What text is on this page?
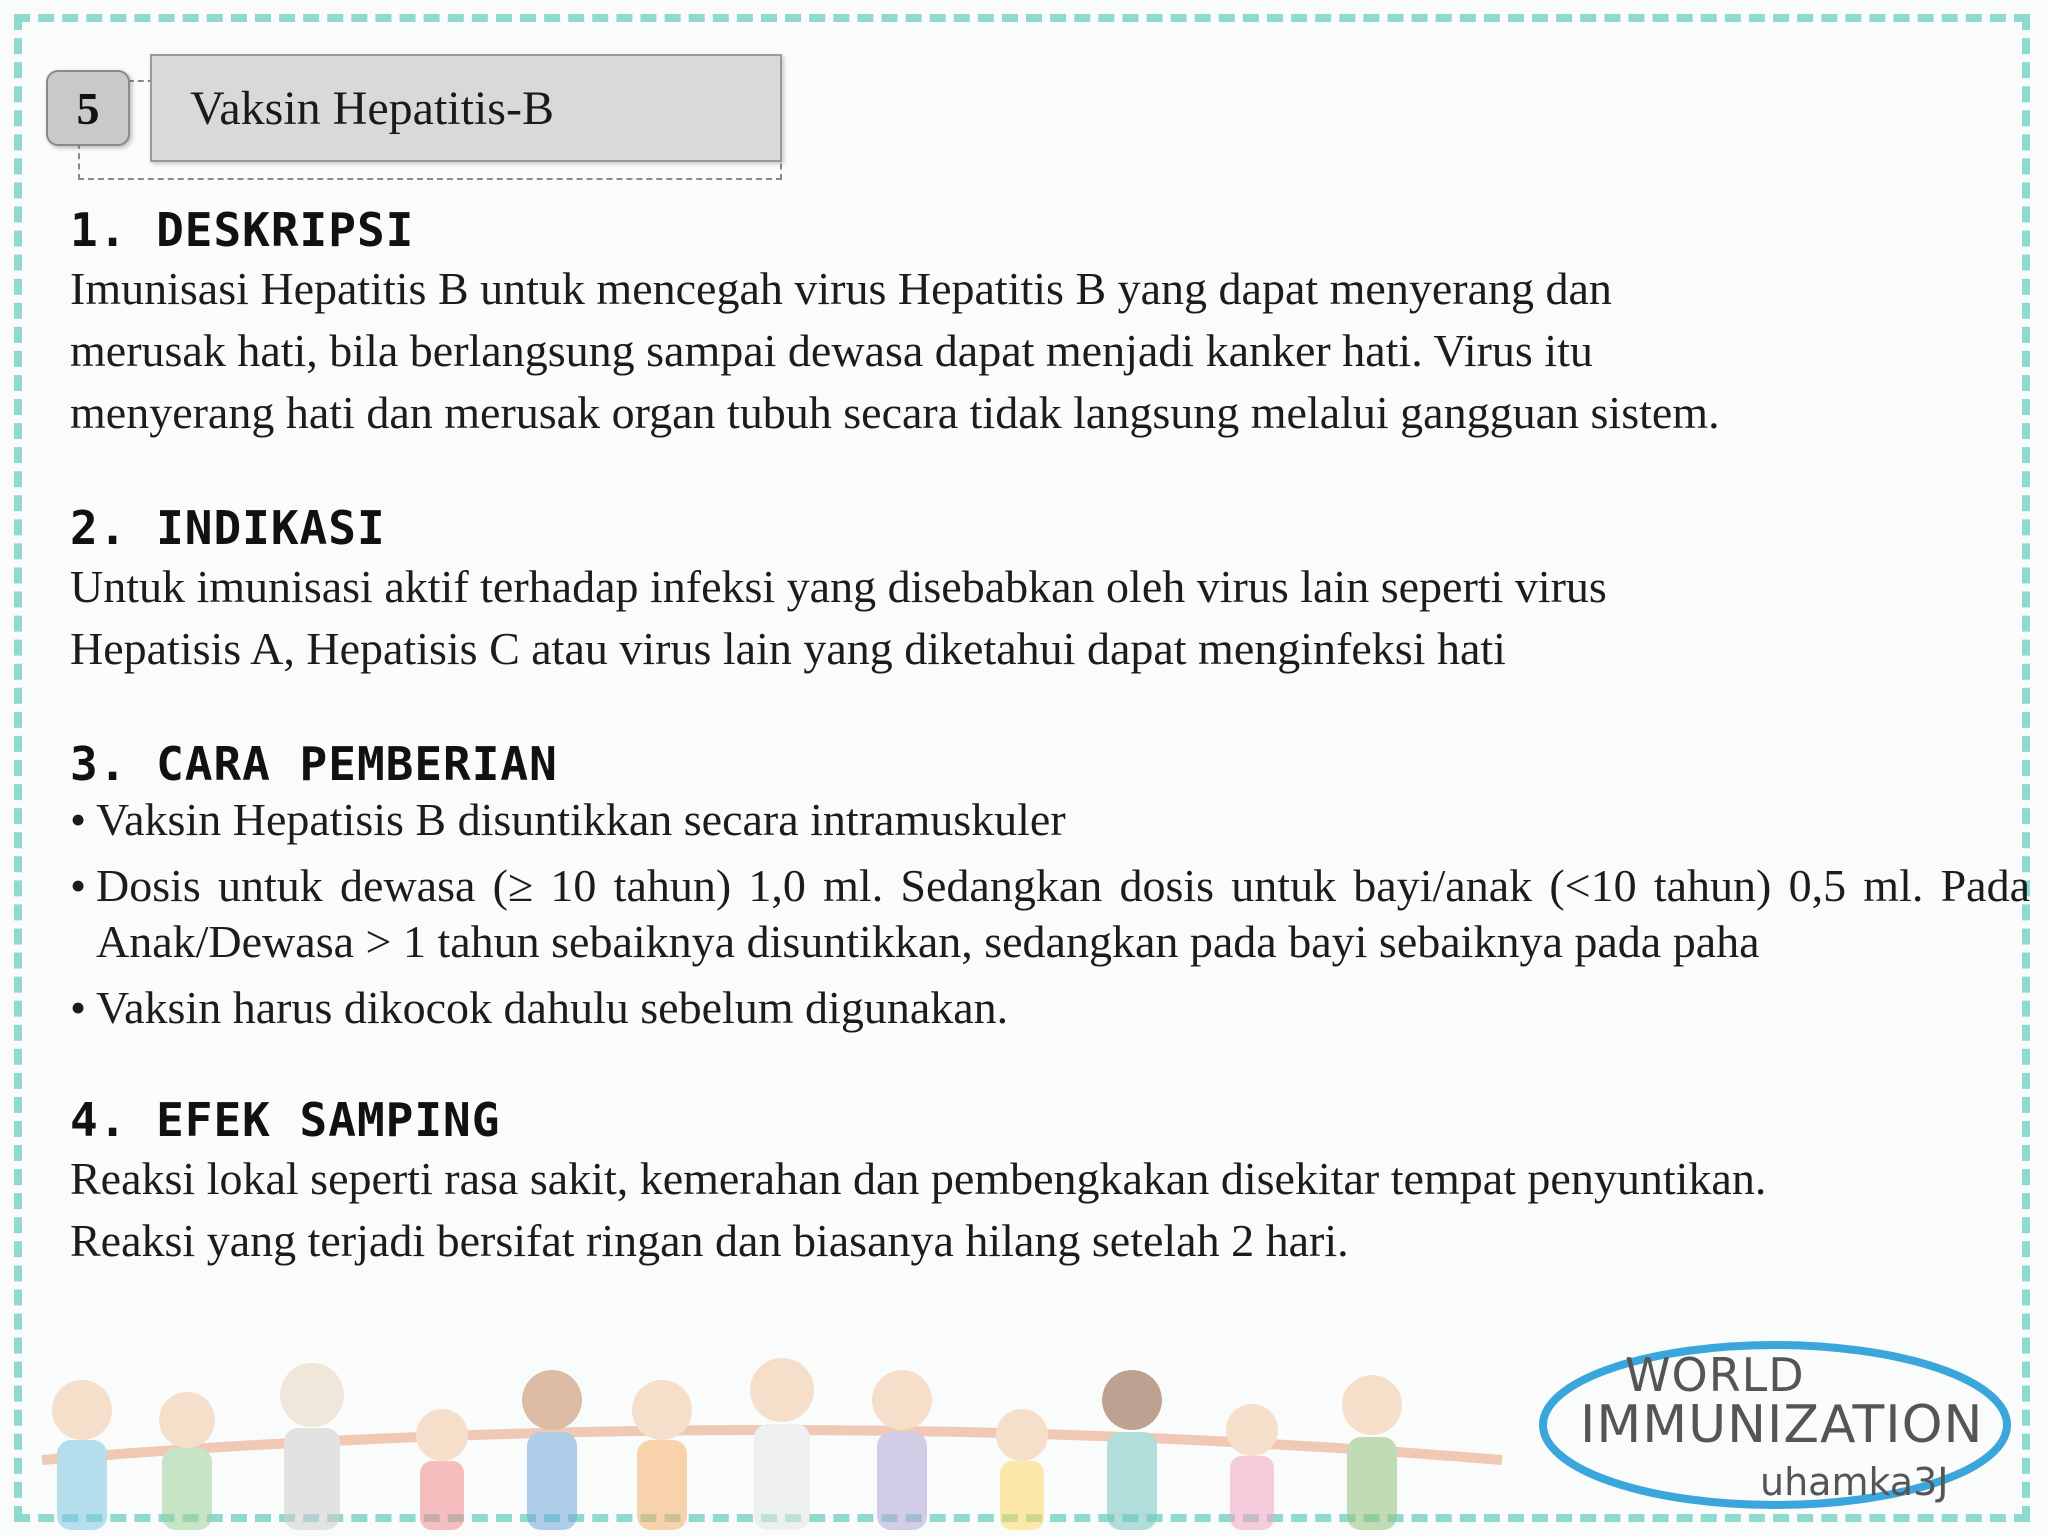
5	Vaksin Hepatitis-B
1. DESKRIPSI

Imunisasi Hepatitis B untuk mencegah virus Hepatitis B yang dapat menyerang dan

merusak hati, bila berlangsung sampai dewasa dapat menjadi kanker hati. Virus itu

menyerang hati dan merusak organ tubuh secara tidak langsung melalui gangguan sistem.

2. INDIKASI

Untuk imunisasi aktif terhadap infeksi yang disebabkan oleh virus lain seperti virus

Hepatisis A, Hepatisis C atau virus lain yang diketahui dapat menginfeksi hati

3. CARA PEMBERIAN
• Vaksin Hepatisis B disuntikkan secara intramuskuler
• Dosis untuk dewasa (≥ 10 tahun) 1,0 ml. Sedangkan dosis untuk bayi/anak (<10 tahun) 0,5 ml. Pada Anak/Dewasa > 1 tahun sebaiknya disuntikkan, sedangkan pada bayi sebaiknya pada paha
• Vaksin harus dikocok dahulu sebelum digunakan.
4. EFEK SAMPING

Reaksi lokal seperti rasa sakit, kemerahan dan pembengkakan disekitar tempat penyuntikan.

Reaksi yang terjadi bersifat ringan dan biasanya hilang setelah 2 hari.

WORLD
IMMUNIZATION
uhamka3J
